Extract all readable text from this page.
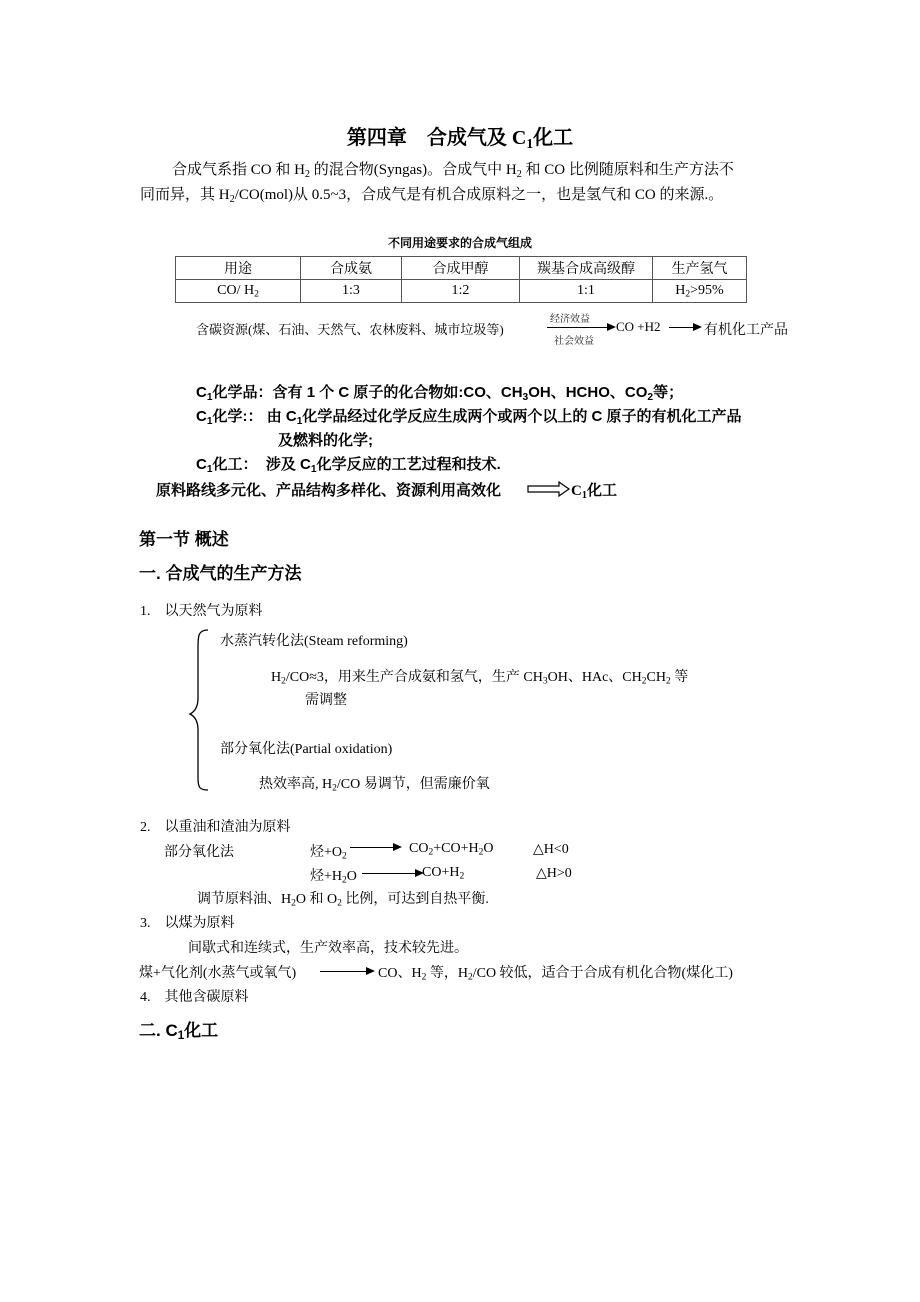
第四章　合成气及 $C_1$化工
合成气系指 CO 和 $H_2$ 的混合物(Syngas)。合成气中 $H_2$ 和 CO 比例随原料和生产方法不
同而异，其 $H_2/CO(mol)$从 0.5~3，合成气是有机合成原料之一，也是氢气和 CO 的来源.。
不同用途要求的合成气组成
用途	合成氨	合成甲醇	羰基合成高级醇	生产氢气
CO/ $H_2$	1:3	1:2	1:1	$H_2>95\%$
含碳资源(煤、石油、天然气、农林废料、城市垃圾等)
经济效益
社会效益
CO +H2	有机化工产品
$C_1$化学品：含有 1 个 C 原子的化合物如:CO、$CH_3OH$、HCHO、$CO_2$等；
$C_1$化学:： 由 $C_1$化学品经过化学反应生成两个或两个以上的 C 原子的有机化工产品
及燃料的化学;
$C_1$化工： 涉及 $C_1$化学反应的工艺过程和技术.
原料路线多元化、产品结构多样化、资源利用高效化	$C_1$化工
第一节 概述
一. 合成气的生产方法
1. 以天然气为原料
水蒸汽转化法(Steam reforming)
$H_2/CO\approx 3$，用来生产合成氨和氢气，生产 $CH_3OH$、HAc、$CH_2CH_2$ 等
需调整
部分氧化法(Partial oxidation)
热效率高, $H_2/CO$ 易调节，但需廉价氧
2. 以重油和渣油为原料
部分氧化法	烃$+O_2$
$CO_2+CO+H_2O$	△H<0
烃$+H_2O$	$CO+H_2$	△H>0
调节原料油、$H_2O$ 和 $O_2$ 比例，可达到自热平衡.
3. 以煤为原料
间歇式和连续式，生产效率高，技术较先进。
煤+气化剂(水蒸气或氧气)	CO、$H_2$ 等，$H_2/CO$ 较低，适合于合成有机化合物(煤化工)
4. 其他含碳原料
二. $C_1$化工
